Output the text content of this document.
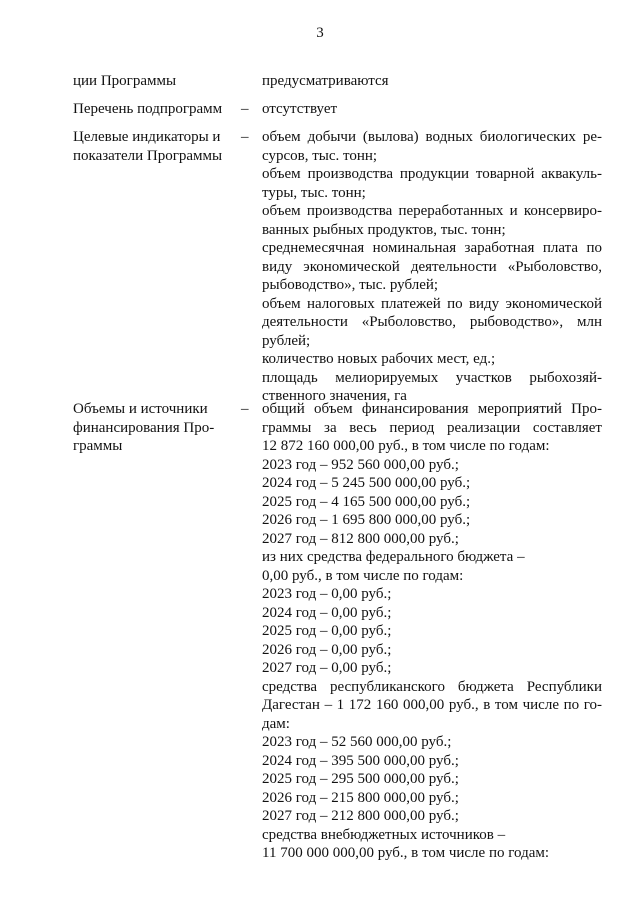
3
ции Программы	предусматриваются
Перечень подпрограмм	– отсутствует
Целевые индикаторы и
показатели Программы
– объем добычи (вылова) водных биологических ре-
сурсов, тыс. тонн;
объем производства продукции товарной аквакуль-
туры, тыс. тонн;
объем производства переработанных и консервиро-
ванных рыбных продуктов, тыс. тонн;
среднемесячная номинальная заработная плата по
виду экономической деятельности «Рыболовство,
рыбоводство», тыс. рублей;
объем налоговых платежей по виду экономической
деятельности «Рыболовство, рыбоводство», млн
рублей;
количество новых рабочих мест, ед.;
площадь мелиорируемых участков рыбохозяй-
ственного значения, га
Объемы и источники
финансирования Про-
граммы
– общий объем финансирования мероприятий Про-
граммы за весь период реализации составляет
12 872 160 000,00 руб., в том числе по годам:
2023 год – 952 560 000,00 руб.;
2024 год – 5 245 500 000,00 руб.;
2025 год – 4 165 500 000,00 руб.;
2026 год – 1 695 800 000,00 руб.;
2027 год – 812 800 000,00 руб.;
из них средства федерального бюджета –
0,00 руб., в том числе по годам:
2023 год – 0,00 руб.;
2024 год – 0,00 руб.;
2025 год – 0,00 руб.;
2026 год – 0,00 руб.;
2027 год – 0,00 руб.;
средства республиканского бюджета Республики
Дагестан – 1 172 160 000,00 руб., в том числе по го-
дам:
2023 год – 52 560 000,00 руб.;
2024 год – 395 500 000,00 руб.;
2025 год – 295 500 000,00 руб.;
2026 год – 215 800 000,00 руб.;
2027 год – 212 800 000,00 руб.;
средства внебюджетных источников –
11 700 000 000,00 руб., в том числе по годам:
